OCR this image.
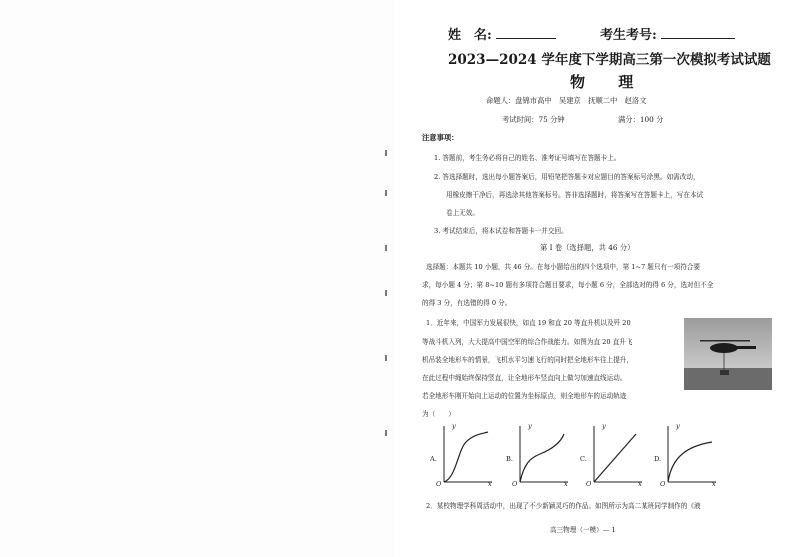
姓　名:	考生考号:
2023—2024 学年度下学期高三第一次模拟考试试题
物 理
命题人：盘锦市高中　吴建京　抚顺二中　赵洛文
考试时间：75 分钟	满分：100 分
注意事项：
1. 答题前，考生务必将自己的姓名、准考证号填写在答题卡上。
2. 答选择题时，选出每小题答案后，用铅笔把答题卡对应题目的答案标号涂黑。如需改动，
用橡皮擦干净后，再选涂其他答案标号。答非选择题时，将答案写在答题卡上，写在本试
卷上无效。
3. 考试结束后，将本试卷和答题卡一并交回。
第 I 卷（选择题，共 46 分）
选择题：本题共 10 小题，共 46 分。在每小题给出的四个选项中，第 1~7 题只有一项符合要
求，每小题 4 分；第 8~10 题有多项符合题目要求，每小题 6 分，全部选对的得 6 分，选对但不全
的得 3 分，有选错的得 0 分。
1．近年来，中国军力发展很快，如直 19 和直 20 等直升机以及歼 20
等战斗机入列，大大提高中国空军的综合作战能力。如图为直 20 直升飞
机吊装全地形车的情景，飞机水平匀速飞行的同时把全地形车往上提升，
在此过程中绳始终保持竖直，让全地形车竖直向上做匀加速直线运动。
若全地形车刚开始向上运动的位置为坐标原点，则全地形车的运动轨迹
为（　　）
A.	B.	C.	D.
y
x
O
y
x
O
y
x
O
y
x
O
2．某校物理学科周活动中，出现了不少新颖灵巧的作品。如图所示为高二某班同学制作的《液
高三物理（一模）— 1
